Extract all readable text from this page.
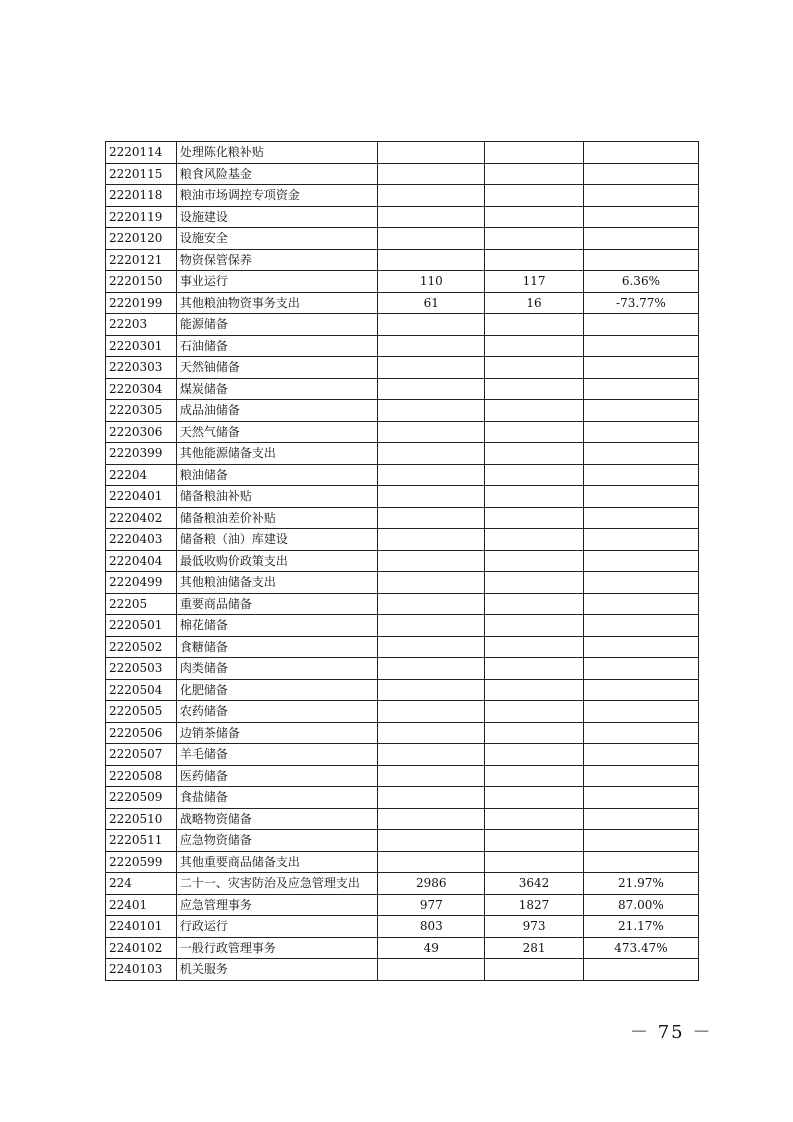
2220114	处理陈化粮补贴			
2220115	粮食风险基金			
2220118	粮油市场调控专项资金			
2220119	设施建设			
2220120	设施安全			
2220121	物资保管保养			
2220150	事业运行	110	117	6.36%
2220199	其他粮油物资事务支出	61	16	-73.77%
22203	能源储备			
2220301	石油储备			
2220303	天然铀储备			
2220304	煤炭储备			
2220305	成品油储备			
2220306	天然气储备			
2220399	其他能源储备支出			
22204	粮油储备			
2220401	储备粮油补贴			
2220402	储备粮油差价补贴			
2220403	储备粮（油）库建设			
2220404	最低收购价政策支出			
2220499	其他粮油储备支出			
22205	重要商品储备			
2220501	棉花储备			
2220502	食糖储备			
2220503	肉类储备			
2220504	化肥储备			
2220505	农药储备			
2220506	边销茶储备			
2220507	羊毛储备			
2220508	医药储备			
2220509	食盐储备			
2220510	战略物资储备			
2220511	应急物资储备			
2220599	其他重要商品储备支出			
224	二十一、灾害防治及应急管理支出	2986	3642	21.97%
22401	应急管理事务	977	1827	87.00%
2240101	行政运行	803	973	21.17%
2240102	一般行政管理事务	49	281	473.47%
2240103	机关服务			
－ 75 －
